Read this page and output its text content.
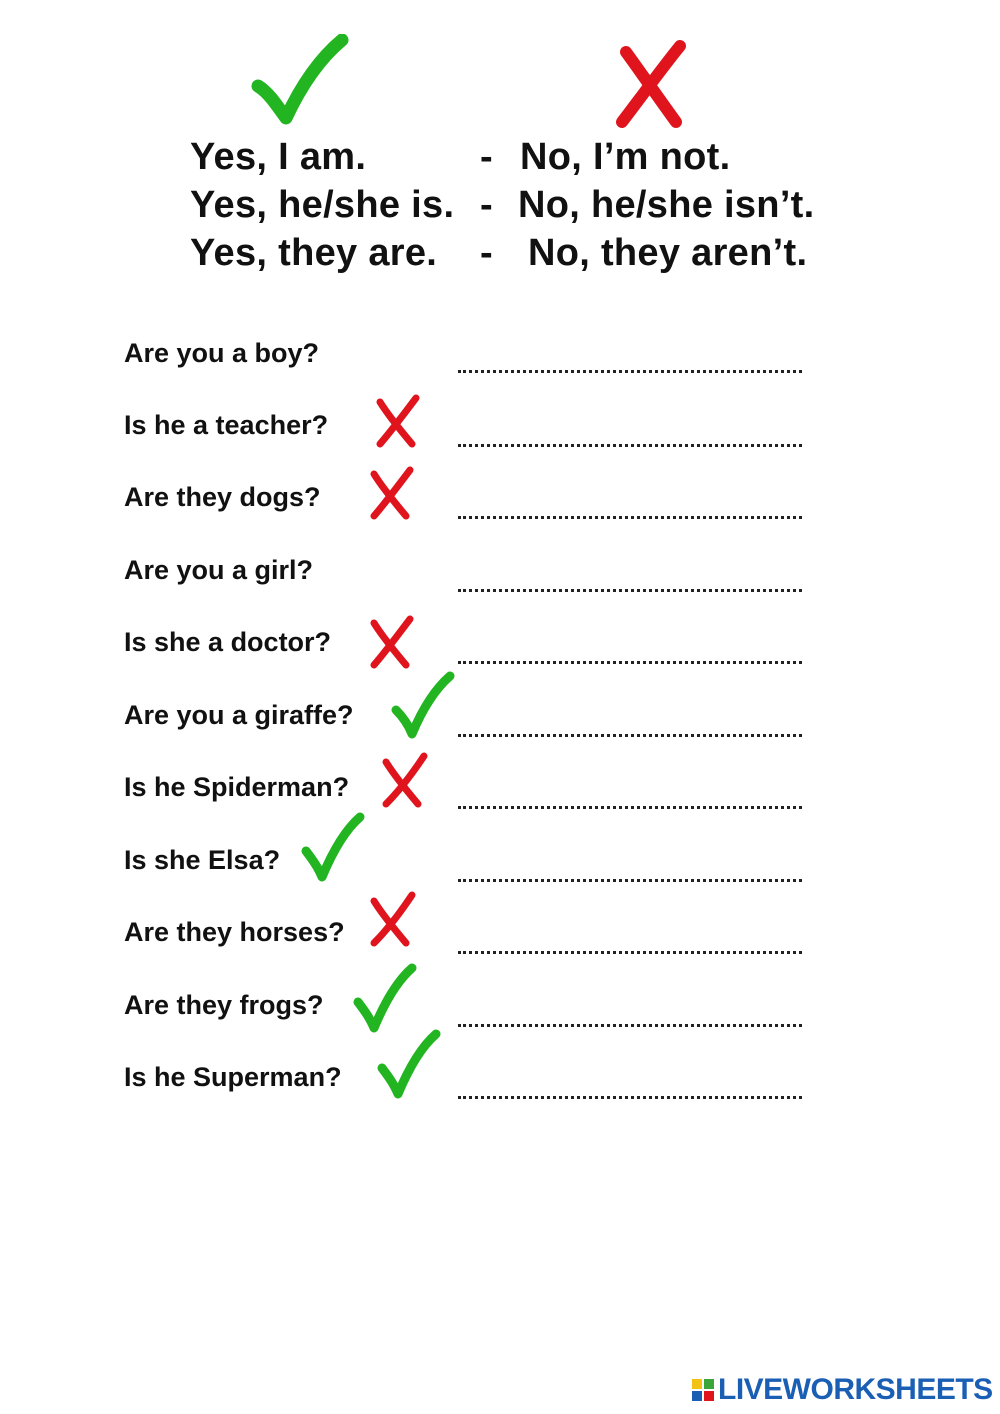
Yes, I am.	- No, I’m not.
Yes, he/she is. - No, he/she isn’t.
Yes, they are. - No, they aren’t.
Are you a boy?
Is he a teacher?
Are they dogs?
Are you a girl?
Is she a doctor?
Are you a giraffe?
Is he Spiderman?
Is she Elsa?
Are they horses?
Are they frogs?
Is he Superman?
LIVEWORKSHEETS
